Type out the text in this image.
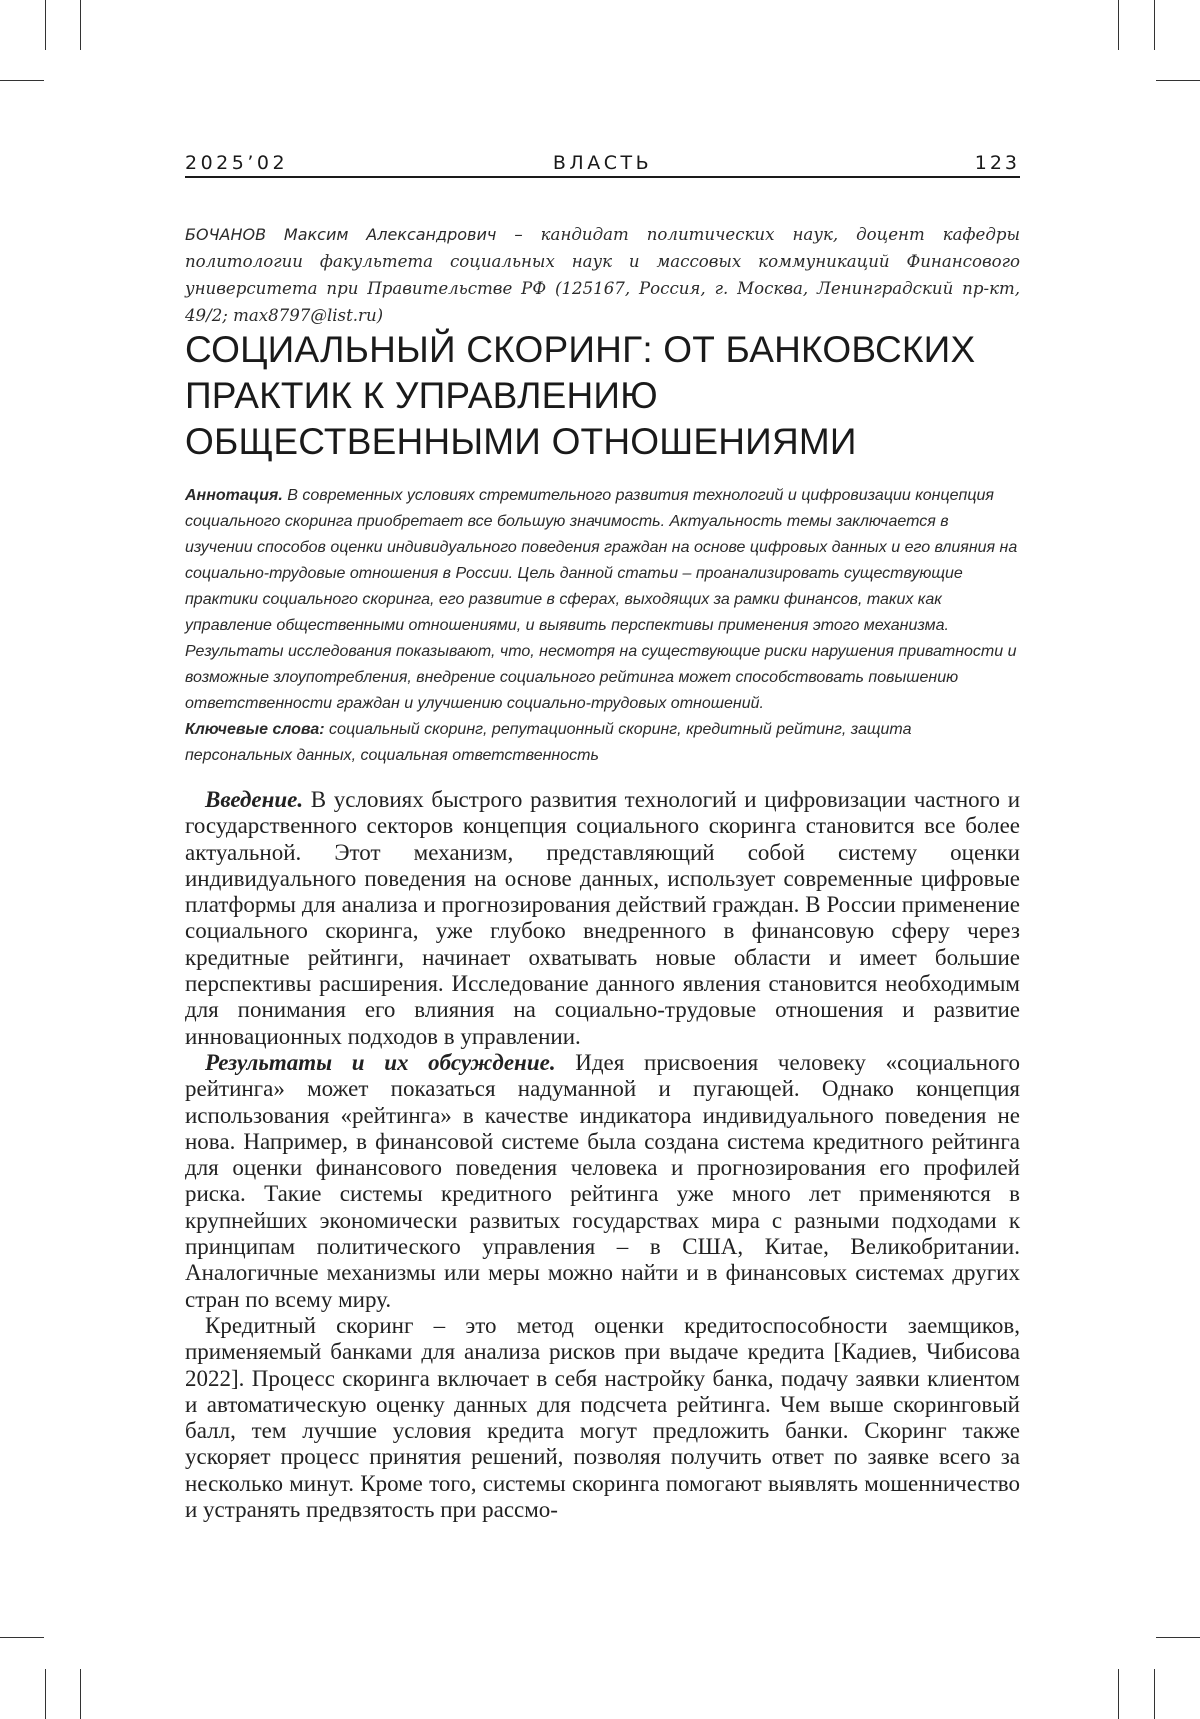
2025’02	ВЛАСТЬ	123
БОЧАНОВ Максим Александрович – кандидат политических наук, доцент кафедры политологии факультета социальных наук и массовых коммуникаций Финансового университета при Правительстве РФ (125167, Россия, г. Москва, Ленинградский пр-кт, 49/2; max8797@list.ru)
СОЦИАЛЬНЫЙ СКОРИНГ: ОТ БАНКОВСКИХ ПРАКТИК К УПРАВЛЕНИЮ ОБЩЕСТВЕННЫМИ ОТНОШЕНИЯМИ

Аннотация. В современных условиях стремительного развития технологий и цифровизации концепция социального скоринга приобретает все большую значимость. Актуальность темы заключается в изучении способов оценки индивидуального поведения граждан на основе цифровых данных и его влияния на социально-трудовые отношения в России. Цель данной статьи – проанализировать существующие практики социального скоринга, его развитие в сферах, выходящих за рамки финансов, таких как управление общественными отношениями, и выявить перспективы применения этого механизма. Результаты исследования показывают, что, несмотря на существующие риски нарушения приватности и возможные злоупотребления, внедрение социального рейтинга может способствовать повышению ответственности граждан и улучшению социально-трудовых отношений.

Ключевые слова: социальный скоринг, репутационный скоринг, кредитный рейтинг, защита персональных данных, социальная ответственность

Введение. В условиях быстрого развития технологий и цифровизации частного и государственного секторов концепция социального скоринга становится все более актуальной. Этот механизм, представляющий собой систему оценки индивидуального поведения на основе данных, использует современные цифровые платформы для анализа и прогнозирования действий граждан. В России применение социального скоринга, уже глубоко внедренного в финансовую сферу через кредитные рейтинги, начинает охватывать новые области и имеет большие перспективы расширения. Исследование данного явления становится необходимым для понимания его влияния на социально-трудовые отношения и развитие инновационных подходов в управлении.

Результаты и их обсуждение. Идея присвоения человеку «социального рейтинга» может показаться надуманной и пугающей. Однако концепция использования «рейтинга» в качестве индикатора индивидуального поведения не нова. Например, в финансовой системе была создана система кредитного рейтинга для оценки финансового поведения человека и прогнозирования его профилей риска. Такие системы кредитного рейтинга уже много лет применяются в крупнейших экономически развитых государствах мира с разными подходами к принципам политического управления – в США, Китае, Великобритании. Аналогичные механизмы или меры можно найти и в финансовых системах других стран по всему миру.

Кредитный скоринг – это метод оценки кредитоспособности заемщиков, применяемый банками для анализа рисков при выдаче кредита [Кадиев, Чибисова 2022]. Процесс скоринга включает в себя настройку банка, подачу заявки клиентом и автоматическую оценку данных для подсчета рейтинга. Чем выше скоринговый балл, тем лучшие условия кредита могут предложить банки. Скоринг также ускоряет процесс принятия решений, позволяя получить ответ по заявке всего за несколько минут. Кроме того, системы скоринга помогают выявлять мошенничество и устранять предвзятость при рассмо-
